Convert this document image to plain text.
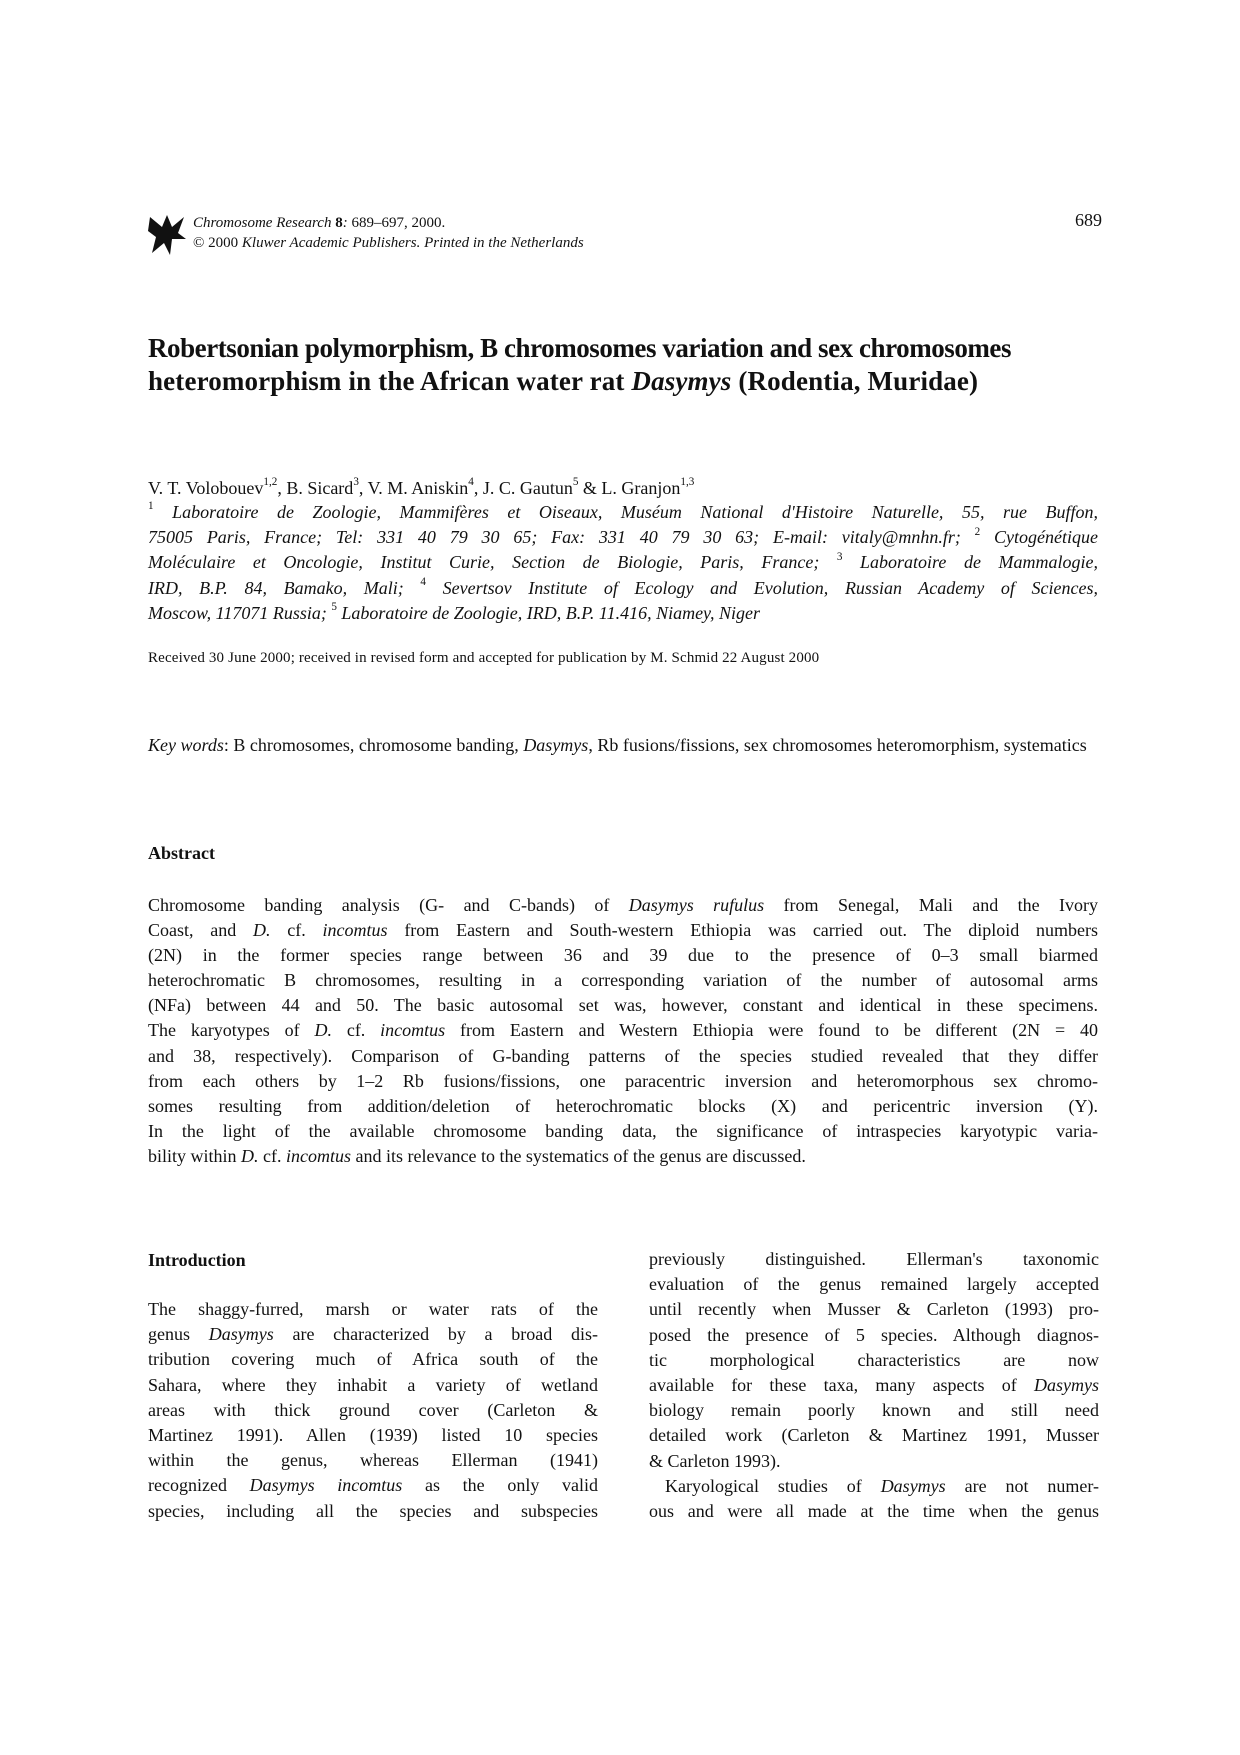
Chromosome Research 8: 689–697, 2000.
© 2000 Kluwer Academic Publishers. Printed in the Netherlands
689
Robertsonian polymorphism, B chromosomes variation and sex chromosomes
heteromorphism in the African water rat Dasymys (Rodentia, Muridae)
V. T. Volobouev$^{1,2}$, B. Sicard$^3$, V. M. Aniskin$^4$, J. C. Gautun$^5$ & L. Granjon$^{1,3}$
$^1$ Laboratoire de Zoologie, Mammifères et Oiseaux, Muséum National d'Histoire Naturelle, 55, rue Buffon,
75005 Paris, France; Tel: 331 40 79 30 65; Fax: 331 40 79 30 63; E-mail: vitaly@mnhn.fr; $^2$ Cytogénétique
Moléculaire et Oncologie, Institut Curie, Section de Biologie, Paris, France; $^3$ Laboratoire de Mammalogie,
IRD, B.P. 84, Bamako, Mali; $^4$ Severtsov Institute of Ecology and Evolution, Russian Academy of Sciences,
Moscow, 117071 Russia; $^5$ Laboratoire de Zoologie, IRD, B.P. 11.416, Niamey, Niger
Received 30 June 2000; received in revised form and accepted for publication by M. Schmid 22 August 2000
Key words: B chromosomes, chromosome banding, Dasymys, Rb fusions/fissions, sex chromosomes heteromorphism, systematics
Abstract
Chromosome banding analysis (G- and C-bands) of Dasymys rufulus from Senegal, Mali and the Ivory
Coast, and D. cf. incomtus from Eastern and South-western Ethiopia was carried out. The diploid numbers
(2N) in the former species range between 36 and 39 due to the presence of 0–3 small biarmed
heterochromatic B chromosomes, resulting in a corresponding variation of the number of autosomal arms
(NFa) between 44 and 50. The basic autosomal set was, however, constant and identical in these specimens.
The karyotypes of D. cf. incomtus from Eastern and Western Ethiopia were found to be different (2N = 40
and 38, respectively). Comparison of G-banding patterns of the species studied revealed that they differ
from each others by 1–2 Rb fusions/fissions, one paracentric inversion and heteromorphous sex chromo-
somes resulting from addition/deletion of heterochromatic blocks (X) and pericentric inversion (Y).
In the light of the available chromosome banding data, the significance of intraspecies karyotypic varia-
bility within D. cf. incomtus and its relevance to the systematics of the genus are discussed.
Introduction
The shaggy-furred, marsh or water rats of the
genus Dasymys are characterized by a broad dis-
tribution covering much of Africa south of the
Sahara, where they inhabit a variety of wetland
areas with thick ground cover (Carleton &
Martinez 1991). Allen (1939) listed 10 species
within the genus, whereas Ellerman (1941)
recognized Dasymys incomtus as the only valid
species, including all the species and subspecies
previously distinguished. Ellerman's taxonomic
evaluation of the genus remained largely accepted
until recently when Musser & Carleton (1993) pro-
posed the presence of 5 species. Although diagnos-
tic morphological characteristics are now
available for these taxa, many aspects of Dasymys
biology remain poorly known and still need
detailed work (Carleton & Martinez 1991, Musser
& Carleton 1993).
Karyological studies of Dasymys are not numer-
ous and were all made at the time when the genus
